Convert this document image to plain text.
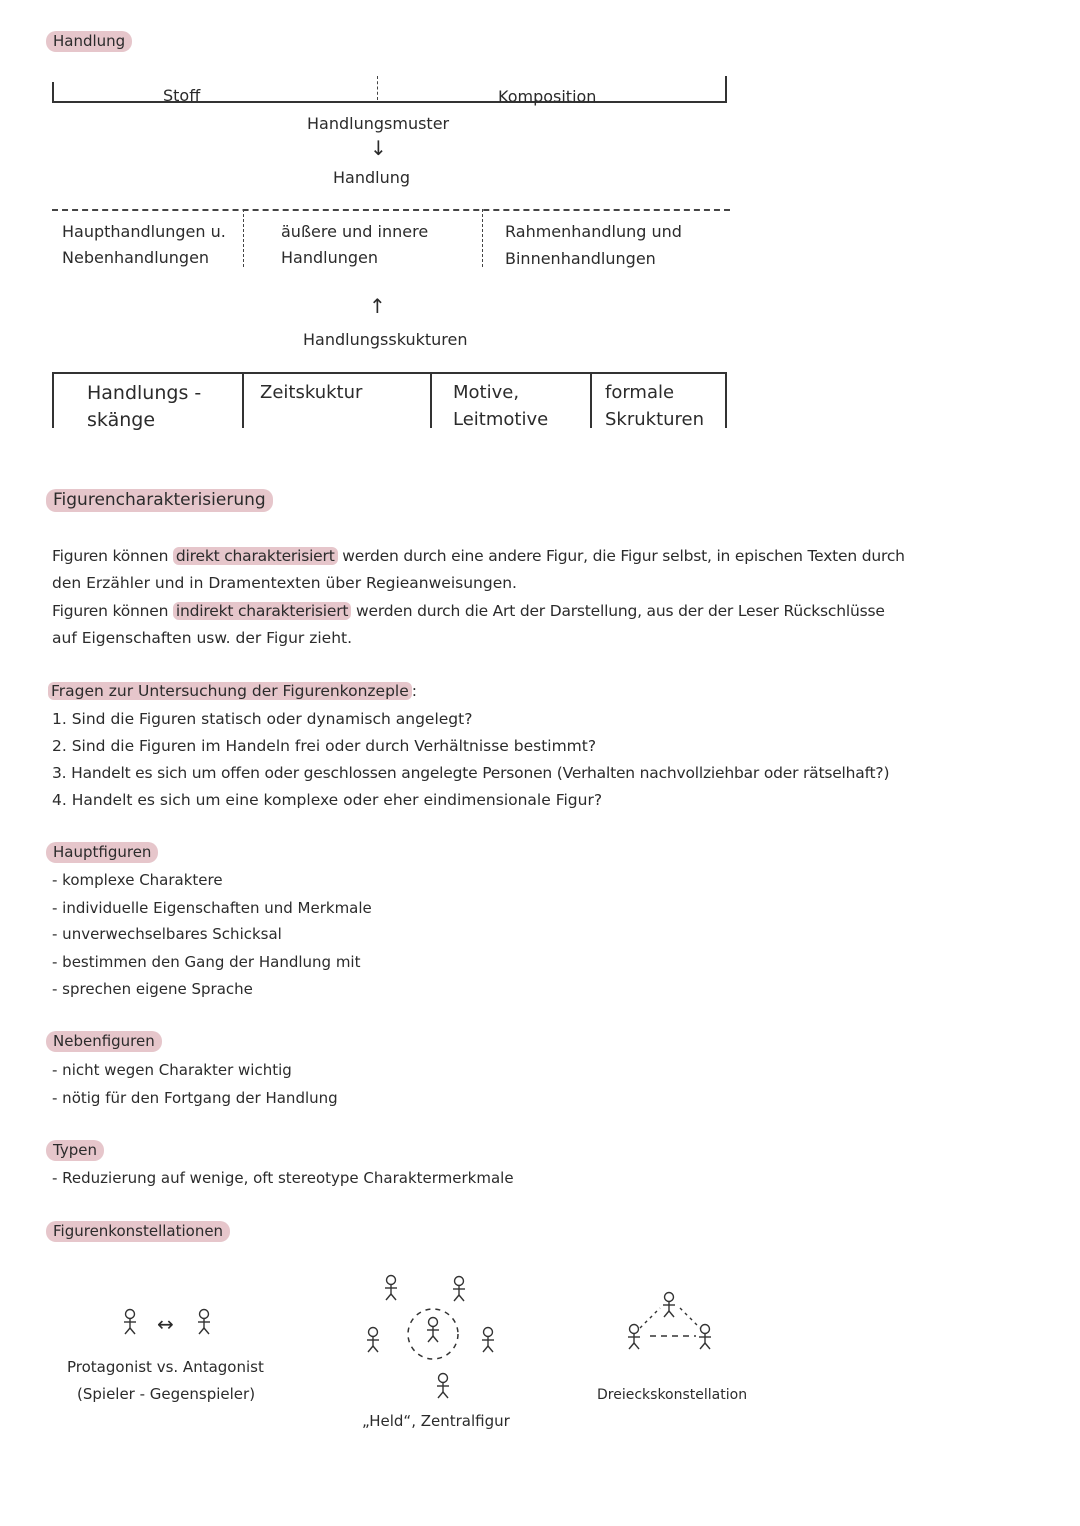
Handlung
Stoff	Komposition
Handlungsmuster
↓
Handlung
Haupthandlungen u.
Nebenhandlungen
äußere und innere
Handlungen
Rahmenhandlung und
Binnenhandlungen
↑
Handlungsskukturen
Handlungs -
skänge
Zeitskuktur	Motive,
Leitmotive
formale
Skrukturen
Figurencharakterisierung
Figuren können direkt charakterisiert werden durch eine andere Figur, die Figur selbst, in epischen Texten durch
den Erzähler und in Dramentexten über Regieanweisungen.
Figuren können indirekt charakterisiert werden durch die Art der Darstellung, aus der der Leser Rückschlüsse
auf Eigenschaften usw. der Figur zieht.
Fragen zur Untersuchung der Figurenkonzeple :
1. Sind die Figuren statisch oder dynamisch angelegt?
2. Sind die Figuren im Handeln frei oder durch Verhältnisse bestimmt?
3. Handelt es sich um offen oder geschlossen angelegte Personen (Verhalten nachvollziehbar oder rätselhaft?)
4. Handelt es sich um eine komplexe oder eher eindimensionale Figur?
Hauptfiguren
- komplexe Charaktere
- individuelle Eigenschaften und Merkmale
- unverwechselbares Schicksal
- bestimmen den Gang der Handlung mit
- sprechen eigene Sprache
Nebenfiguren
- nicht wegen Charakter wichtig
- nötig für den Fortgang der Handlung
Typen
- Reduzierung auf wenige, oft stereotype Charaktermerkmale
Figurenkonstellationen
↔
Protagonist vs. Antagonist
(Spieler - Gegenspieler)
„Held“, Zentralfigur
Dreieckskonstellation
